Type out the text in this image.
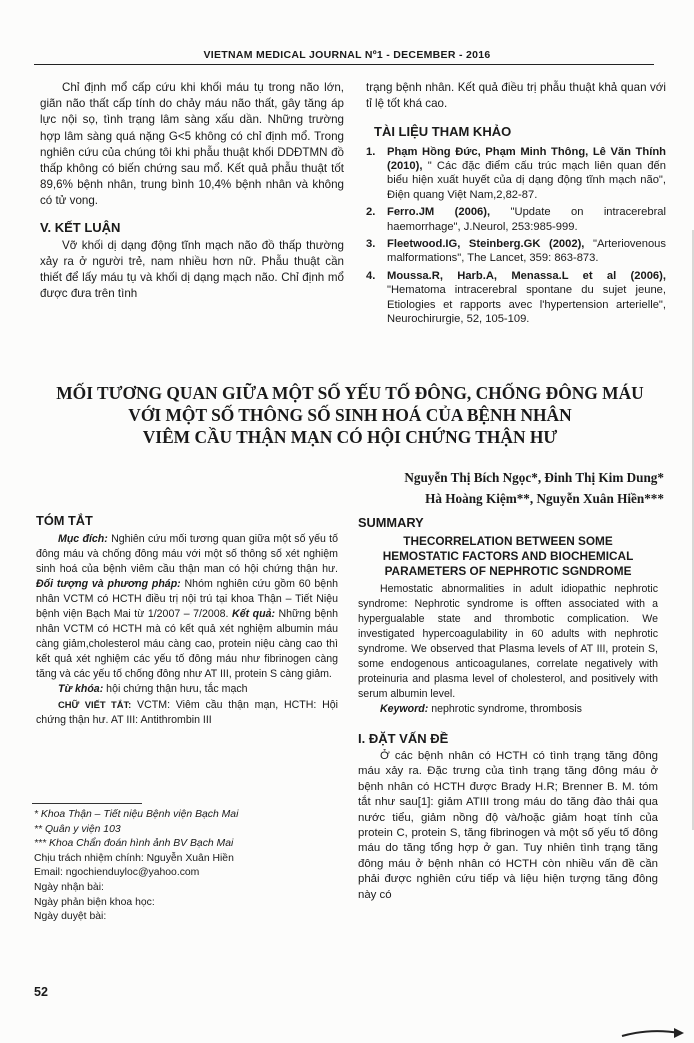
VIETNAM MEDICAL JOURNAL Nº1 - DECEMBER - 2016

Chỉ định mổ cấp cứu khi khối máu tụ trong não lớn, giãn não thất cấp tính do chảy máu não thất, gây tăng áp lực nội sọ, tình trạng lâm sàng xấu dần. Những trường hợp lâm sàng quá nặng G<5 không có chỉ định mổ. Trong nghiên cứu của chúng tôi khi phẫu thuật khối DDĐTMN đồ thấp không có biến chứng sau mổ. Kết quả phẫu thuật tốt 89,6% bệnh nhân, trung bình 10,4% bệnh nhân và không có tử vong.

V. KẾT LUẬN

Vỡ khối dị dạng động tĩnh mạch não đồ thấp thường xảy ra ở người trẻ, nam nhiều hơn nữ. Phẫu thuật cần thiết để lấy máu tụ và khối dị dạng mạch não. Chỉ định mổ được đưa trên tình

trạng bệnh nhân. Kết quả điều trị phẫu thuật khả quan với tỉ lệ tốt khá cao.

TÀI LIỆU THAM KHẢO

1. Phạm Hồng Đức, Phạm Minh Thông, Lê Văn Thính (2010), " Các đặc điểm cấu trúc mạch liên quan đến biểu hiện xuất huyết của dị dạng động tĩnh mạch não", Điện quang Việt Nam,2,82-87.
2. Ferro.JM (2006), "Update on intracerebral haemorrhage", J.Neurol, 253:985-999.
3. Fleetwood.IG, Steinberg.GK (2002), "Arteriovenous malformations", The Lancet, 359: 863-873.
4. Moussa.R, Harb.A, Menassa.L et al (2006), "Hematoma intracerebral spontane du sujet jeune, Etiologies et rapports avec l'hypertension arterielle", Neurochirurgie, 52, 105-109.
MỐI TƯƠNG QUAN GIỮA MỘT SỐ YẾU TỐ ĐÔNG, CHỐNG ĐÔNG MÁU
VỚI MỘT SỐ THÔNG SỐ SINH HOÁ CỦA BỆNH NHÂN
VIÊM CẦU THẬN MẠN CÓ HỘI CHỨNG THẬN HƯ
Nguyễn Thị Bích Ngọc*, Đinh Thị Kim Dung*
Hà Hoàng Kiệm**, Nguyễn Xuân Hiền***

TÓM TẮT

Mục đích: Nghiên cứu mối tương quan giữa một số yếu tố đông máu và chống đông máu với một số thông số xét nghiệm sinh hoá của bệnh viêm cầu thận man có hội chứng thận hư. Đối tượng và phương pháp: Nhóm nghiên cứu gồm 60 bệnh nhân VCTM có HCTH điều trị nội trú tại khoa Thận – Tiết Niệu bệnh viện Bạch Mai từ 1/2007 – 7/2008. Kết quả: Những bệnh nhân VCTM có HCTH mà có kết quả xét nghiệm albumin máu càng giảm,cholesterol máu càng cao, protein niệu càng cao thì kết quả xét nghiệm các yếu tố đông máu như fibrinogen càng tăng và các yếu tố chống đông như AT III, protein S càng giảm.

Từ khóa: hội chứng thận hưu, tắc mạch

CHỮ VIẾT TẮT: VCTM: Viêm cầu thận mạn, HCTH: Hội chứng thận hư. AT III: Antithrombin III

* Khoa Thận – Tiết niệu Bệnh viện Bạch Mai

** Quân y viện 103

*** Khoa Chẩn đoán hình ảnh BV Bạch Mai

Chịu trách nhiệm chính: Nguyễn Xuân Hiền

Email: ngochienduyloc@yahoo.com

Ngày nhận bài:

Ngày phản biện khoa học:

Ngày duyệt bài:

52

SUMMARY

THECORRELATION BETWEEN SOME
HEMOSTATIC FACTORS AND BIOCHEMICAL
PARAMETERS OF NEPHROTIC SGNDROME

Hemostatic abnormalities in adult idiopathic nephrotic syndrome: Nephrotic syndrome is offten associated with a hypergualable state and thrombotic complication. We investigated hypercoagulability in 60 adults with nephrotic syndrome. We observed that Plasma levels of AT III, protein S, some endogenous anticoagulanes, correlate negatively with proteinuria and plasma level of cholesterol, and positively with serum albumin level.

Keyword: nephrotic syndrome, thrombosis

I. ĐẶT VẤN ĐỀ

Ở các bệnh nhân có HCTH có tình trạng tăng đông máu xảy ra. Đặc trưng của tình trạng tăng đông máu ở bệnh nhân có HCTH được Brady H.R; Brenner B. M. tóm tắt như sau[1]: giảm ATIII trong máu do tăng đào thải qua nước tiểu, giảm nồng độ và/hoặc giảm hoạt tính của protein C, protein S, tăng fibrinogen và một số yếu tố đông máu do tăng tổng hợp ở gan. Tuy nhiên tình trạng tăng đông máu ở bệnh nhân có HCTH còn nhiều vấn đề cần phải được nghiên cứu tiếp và liệu hiện tượng tăng đông này có
